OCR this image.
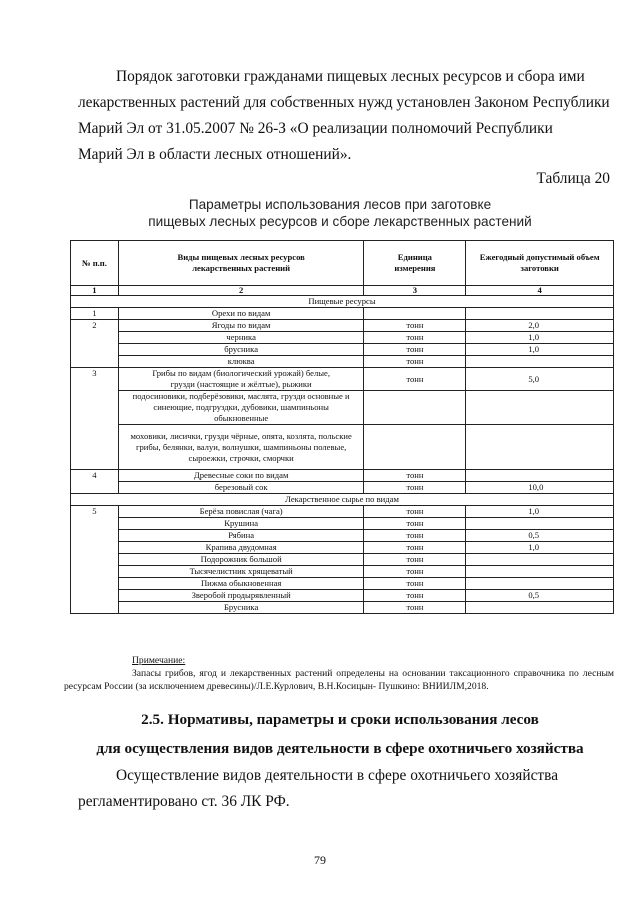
Порядок заготовки гражданами пищевых лесных ресурсов и сбора ими
лекарственных растений для собственных нужд установлен Законом Республики
Марий Эл от 31.05.2007 № 26-З «О реализации полномочий Республики
Марий Эл в области лесных отношений».
Таблица 20
Параметры использования лесов при заготовке
пищевых лесных ресурсов и сборе лекарственных растений
№ п.п.	Виды пищевых лесных ресурсов лекарственных растений	Единица измерения	Ежегодный допустимый объем заготовки
1	2	3	4
Пищевые ресурсы			
1	Орехи по видам		
2	Ягоды по видам	тонн	2,0
	черника	тонн	1,0
	брусника	тонн	1,0
	клюква	тонн	
3	Грибы по видам (биологический урожай) белые, грузди (настоящие и жёлтые), рыжики	тонн	5,0
	подосиновики, подберёзовики, маслята, грузди основные и синеющие, подгруздки, дубовики, шампиньоны обыкновенные		
	моховики, лисички, грузди чёрные, опята, козлята, польские грибы, белянки, валуи, волнушки, шампиньоны полевые, сыроежки, строчки, сморчки		
4	Древесные соки по видам	тонн	
	березовый сок	тонн	10,0
Лекарственное сырье по видам			
5	Берёза повислая (чага)	тонн	1,0
	Крушина	тонн	
	Рябина	тонн	0,5
	Крапива двудомная	тонн	1,0
	Подорожник большой	тонн	
	Тысячелистник хрящеватый	тонн	
	Пижма обыкновенная	тонн	
	Зверобой продырявленный	тонн	0,5
	Брусника	тонн	
Примечание:
Запасы грибов, ягод и лекарственных растений определены на основании таксационного справочника по лесным ресурсам России (за исключением древесины)/Л.Е.Курлович, В.Н.Косицын- Пушкино: ВНИИЛМ,2018.
2.5. Нормативы, параметры и сроки использования лесов
для осуществления видов деятельности в сфере охотничьего хозяйства
Осуществление видов деятельности в сфере охотничьего хозяйства
регламентировано ст. 36 ЛК РФ.
79
